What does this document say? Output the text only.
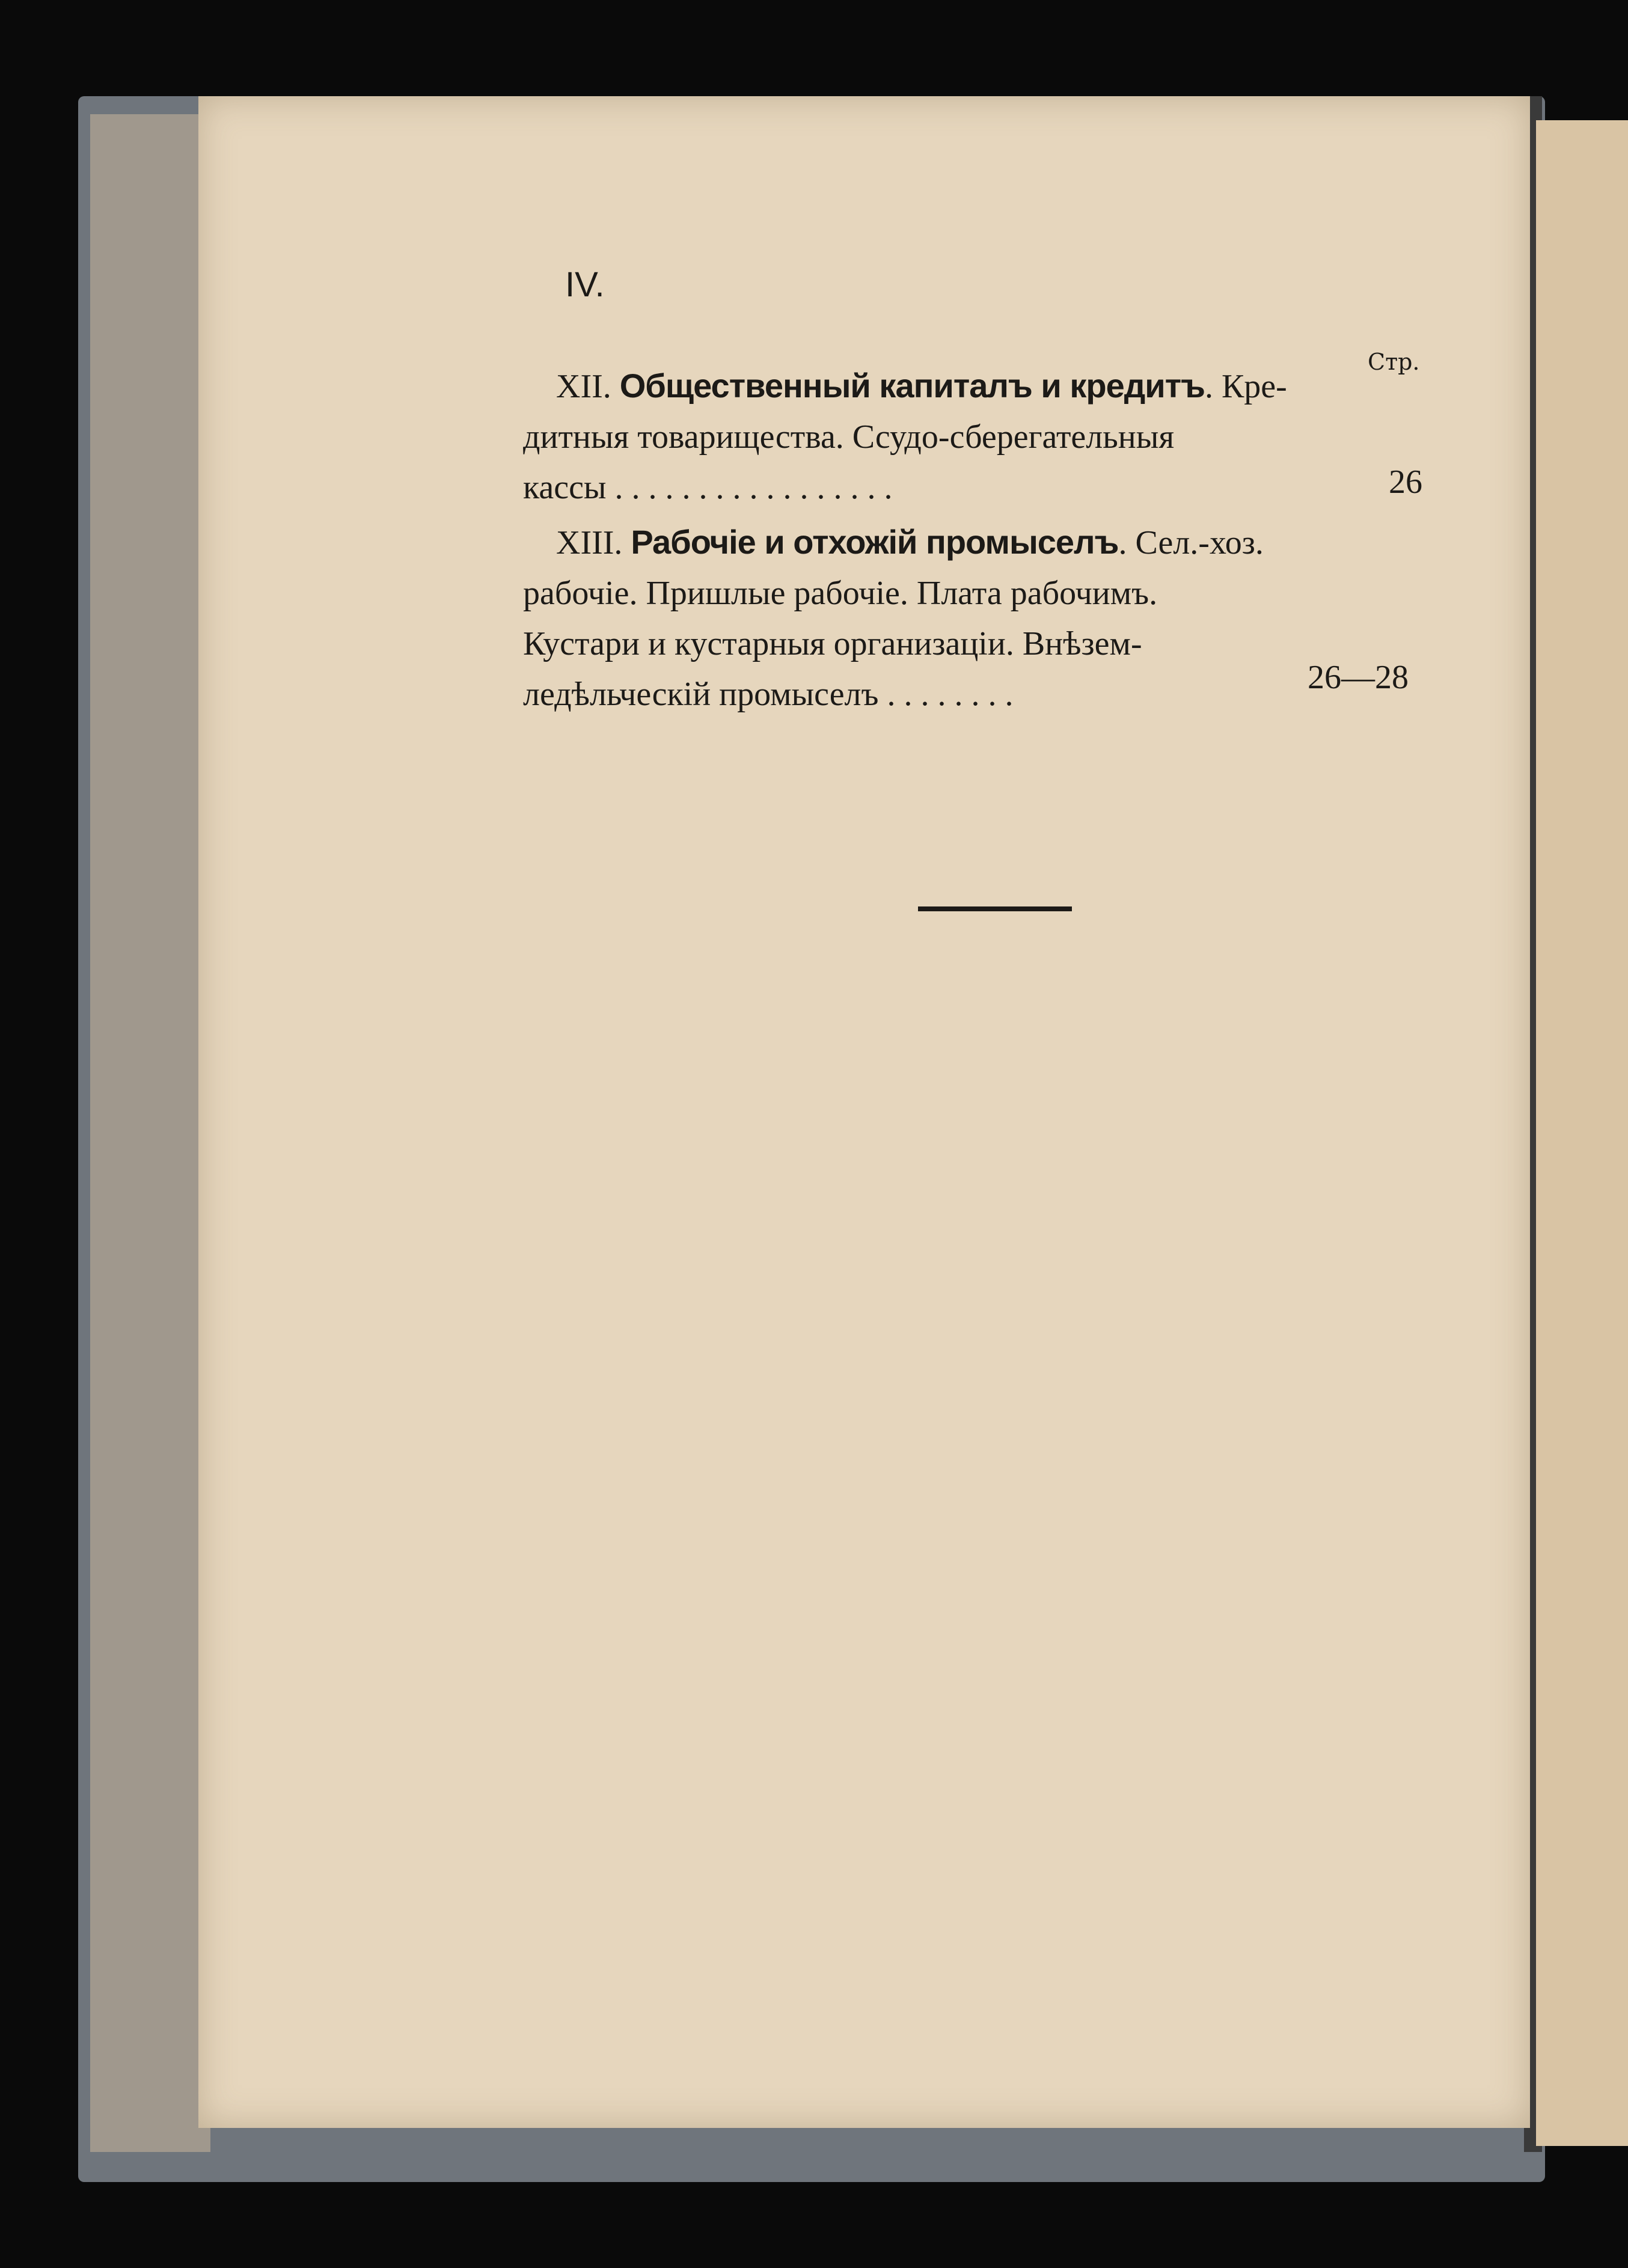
IV.
Стр.
XII. Общественный капиталъ и кредитъ. Кре-
дитныя товарищества. Ссудо-сберегательныя

кассы . . . . . . . . . . . . . . . . .	26
XIII. Рабочіе и отхожій промыселъ. Сел.-хоз.
рабочіе. Пришлые рабочіе. Плата рабочимъ.
Кустари и кустарныя организаціи. Внѣзем-

ледѣльческій промыселъ . . . . . . . .	26—28
